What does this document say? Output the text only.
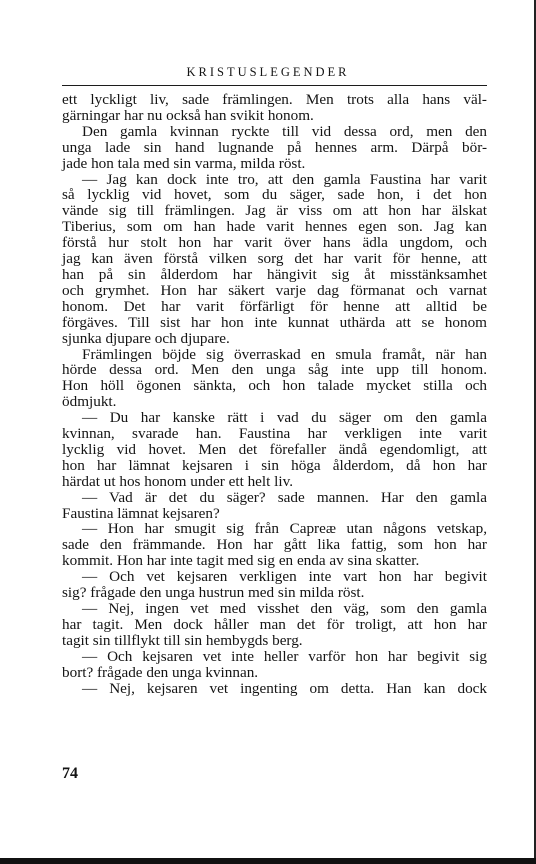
KRISTUSLEGENDER

ett lyckligt liv, sade främlingen. Men trots alla hans väl-

gärningar har nu också han svikit honom.

Den gamla kvinnan ryckte till vid dessa ord, men den

unga lade sin hand lugnande på hennes arm. Därpå bör-

jade hon tala med sin varma, milda röst.

— Jag kan dock inte tro, att den gamla Faustina har varit

så lycklig vid hovet, som du säger, sade hon, i det hon

vände sig till främlingen. Jag är viss om att hon har älskat

Tiberius, som om han hade varit hennes egen son. Jag kan

förstå hur stolt hon har varit över hans ädla ungdom, och

jag kan även förstå vilken sorg det har varit för henne, att

han på sin ålderdom har hängivit sig åt misstänksamhet

och grymhet. Hon har säkert varje dag förmanat och varnat

honom. Det har varit förfärligt för henne att alltid be

förgäves. Till sist har hon inte kunnat uthärda att se honom

sjunka djupare och djupare.

Främlingen böjde sig överraskad en smula framåt, när han

hörde dessa ord. Men den unga såg inte upp till honom.

Hon höll ögonen sänkta, och hon talade mycket stilla och

ödmjukt.

— Du har kanske rätt i vad du säger om den gamla

kvinnan, svarade han. Faustina har verkligen inte varit

lycklig vid hovet. Men det förefaller ändå egendomligt, att

hon har lämnat kejsaren i sin höga ålderdom, då hon har

härdat ut hos honom under ett helt liv.

— Vad är det du säger? sade mannen. Har den gamla

Faustina lämnat kejsaren?

— Hon har smugit sig från Capreæ utan någons vetskap,

sade den främmande. Hon har gått lika fattig, som hon har

kommit. Hon har inte tagit med sig en enda av sina skatter.

— Och vet kejsaren verkligen inte vart hon har begivit

sig? frågade den unga hustrun med sin milda röst.

— Nej, ingen vet med visshet den väg, som den gamla

har tagit. Men dock håller man det för troligt, att hon har

tagit sin tillflykt till sin hembygds berg.

— Och kejsaren vet inte heller varför hon har begivit sig

bort? frågade den unga kvinnan.

— Nej, kejsaren vet ingenting om detta. Han kan dock

74
